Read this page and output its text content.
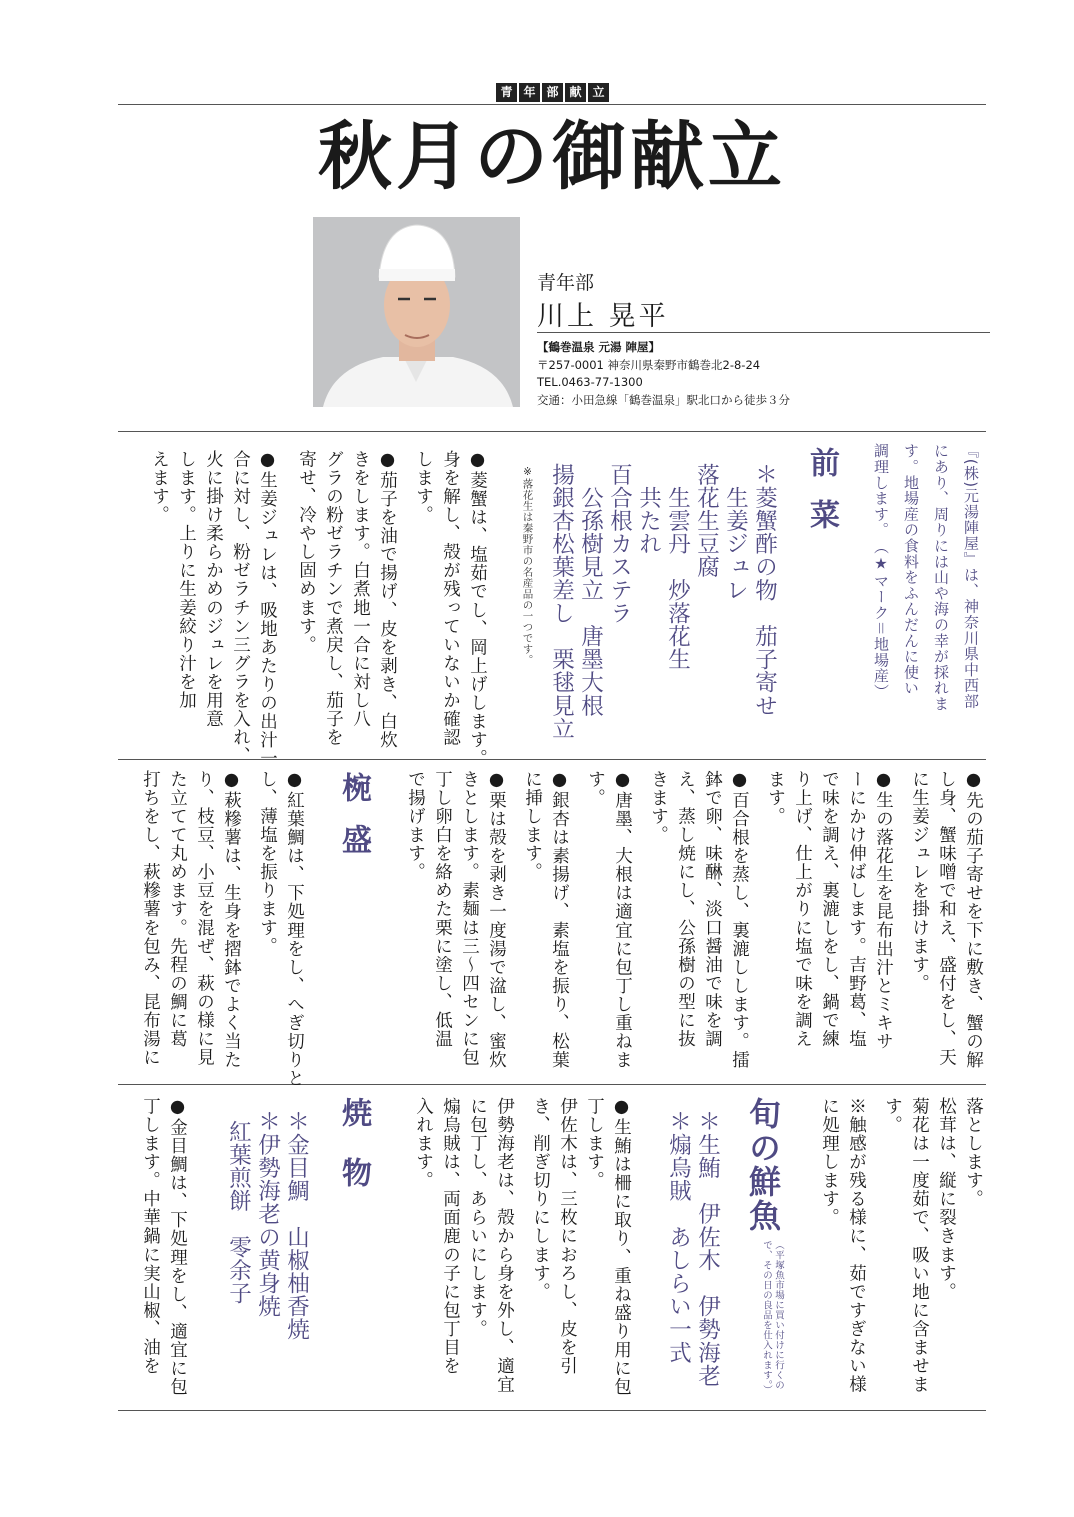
青 年 部 献 立
秋月の御献立
青年部
川上 晃平
【鶴巻温泉 元湯 陣屋】
〒257-0001 神奈川県秦野市鶴巻北2-8-24
TEL.0463-77-1300
交通：小田急線「鶴巻温泉」駅北口から徒歩３分
『(株)元湯陣屋』は、神奈川県中西部
にあり、周りには山や海の幸が採れま
す。地場産の食料をふんだんに使い
調理します。　（★マーク＝地場産）
前菜
＊菱蟹酢の物　茄子寄せ
　生姜ジュレ
落花生豆腐
　生雲丹　炒落花生
　共たれ
百合根カステラ
　公孫樹見立　唐墨大根
揚銀杏松葉差し　栗毬見立
※落花生は秦野市の名産品の一つです。
●菱蟹は、塩茹でし、岡上げします。
身を解し、殻が残っていないか確認
します。
●茄子を油で揚げ、皮を剥き、白炊
きをします。白煮地一合に対し八
グラの粉ゼラチンで煮戻し、茄子を
寄せ、冷やし固めます。
●生姜ジュレは、吸地あたりの出汁一
合に対し、粉ゼラチン三グラを入れ、
火に掛け柔らかめのジュレを用意
します。上りに生姜絞り汁を加
えます。
●先の茄子寄せを下に敷き、蟹の解
し身、蟹味噌で和え、盛付をし、天
に生姜ジュレを掛けます。
●生の落花生を昆布出汁とミキサ
ーにかけ伸ばします。吉野葛、塩
で味を調え、裏漉しをし、鍋で練
り上げ、仕上がりに塩で味を調え
ます。
●百合根を蒸し、裏漉しします。擂
鉢で卵、味醂、淡口醤油で味を調
え、蒸し焼にし、公孫樹の型に抜
きます。
●唐墨、大根は適宜に包丁し重ねま
す。
●銀杏は素揚げ、素塩を振り、松葉
に挿します。
●栗は殻を剥き一度湯で湓し、蜜炊
きとします。素麺は三〜四センに包
丁し卵白を絡めた栗に塗し、低温
で揚げます。
椀盛
●紅葉鯛は、下処理をし、へぎ切りと
し、薄塩を振ります。
●萩糝薯は、生身を摺鉢でよく当た
り、枝豆、小豆を混ぜ、萩の様に見
た立てて丸めます。先程の鯛に葛
打ちをし、萩糝薯を包み、昆布湯に
落とします。
松茸は、縦に裂きます。
菊花は一度茹で、吸い地に含ませま
す。
※触感が残る様に、茹ですぎない様
に処理します。
旬の鮮魚
（平塚魚市場に買い付けに行くので、その日の良品を仕入れます。）
＊生鮪　伊佐木　伊勢海老
＊煽烏賊　あしらい一式
●生鮪は柵に取り、重ね盛り用に包
丁します。
伊佐木は、三枚におろし、皮を引
き、削ぎ切りにします。
伊勢海老は、殻から身を外し、適宜
に包丁し、あらいにします。
煽烏賊は、両面鹿の子に包丁目を
入れます。
焼物
＊金目鯛　山椒柚香焼
＊伊勢海老の黄身焼
紅葉煎餅　零余子
●金目鯛は、下処理をし、適宜に包
丁します。中華鍋に実山椒、油を
